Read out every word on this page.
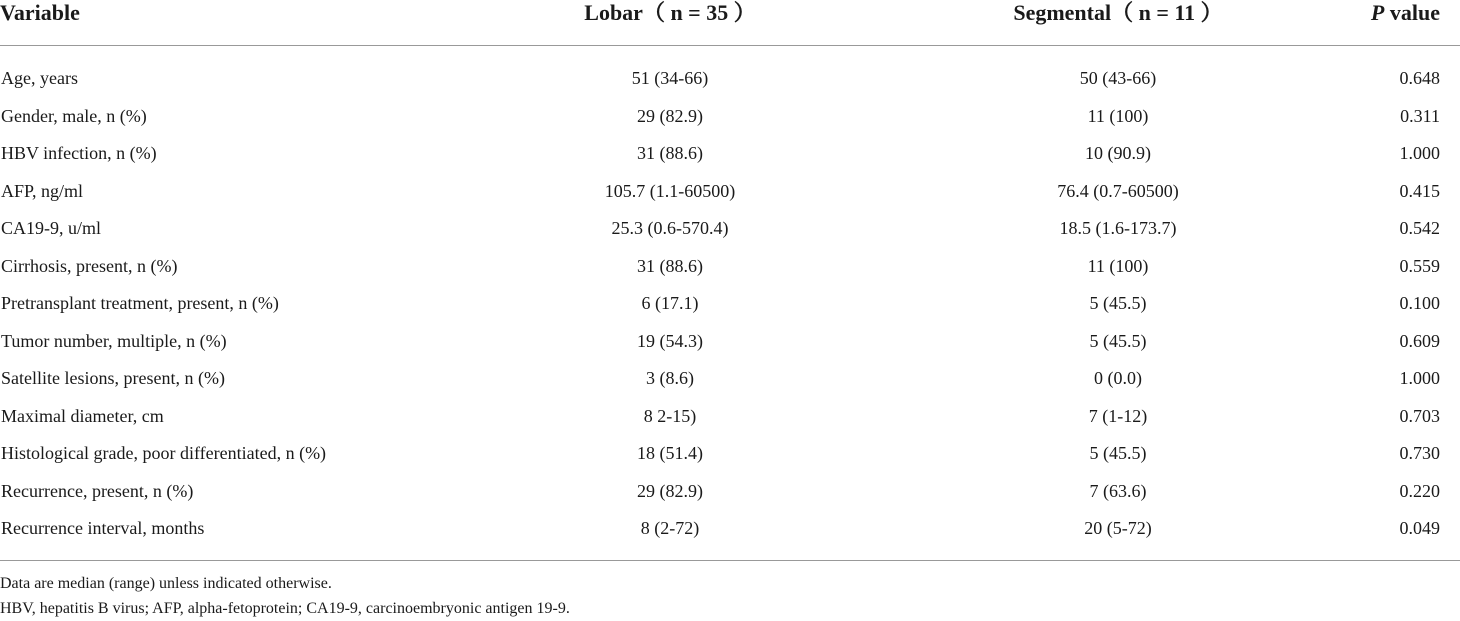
Variable	Lobar（ n = 35 ）	Segmental（ n = 11 ）	P value
Age, years	51 (34-66)	50 (43-66)	0.648
Gender, male, n (%)	29 (82.9)	11 (100)	0.311
HBV infection, n (%)	31 (88.6)	10 (90.9)	1.000
AFP, ng/ml	105.7 (1.1-60500)	76.4 (0.7-60500)	0.415
CA19-9, u/ml	25.3 (0.6-570.4)	18.5 (1.6-173.7)	0.542
Cirrhosis, present, n (%)	31 (88.6)	11 (100)	0.559
Pretransplant treatment, present, n (%)	6 (17.1)	5 (45.5)	0.100
Tumor number, multiple, n (%)	19 (54.3)	5 (45.5)	0.609
Satellite lesions, present, n (%)	3 (8.6)	0 (0.0)	1.000
Maximal diameter, cm	8 2-15)	7 (1-12)	0.703
Histological grade, poor differentiated, n (%)	18 (51.4)	5 (45.5)	0.730
Recurrence, present, n (%)	29 (82.9)	7 (63.6)	0.220
Recurrence interval, months	8 (2-72)	20 (5-72)	0.049
Data are median (range) unless indicated otherwise.
HBV, hepatitis B virus; AFP, alpha-fetoprotein; CA19-9, carcinoembryonic antigen 19-9.
